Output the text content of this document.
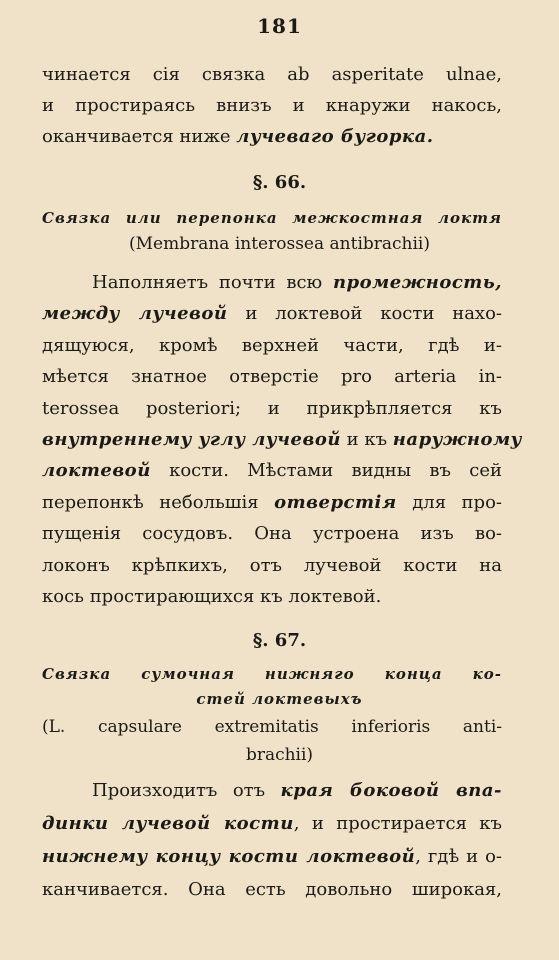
181
чинается сія связка ab asperitate ulnae,
и простираясь внизъ и кнаружи накось,
оканчивается ниже лучеваго бугорка.
§. 66.
Связка или перепонка межкостная локтя
(Membrana interossea antibrachii)
Наполняетъ почти всю промежность,
между лучевой и локтевой кости нахо-
дящуюся, кромѣ верхней части, гдѣ и-
мѣется знатное отверстіе pro arteria in-
terossea posteriori; и прикрѣпляется къ
внутреннему углу лучевой и къ наружному
локтевой кости. Мѣстами видны въ сей
перепонкѣ небольшія отверстія для про-
пущенія сосудовъ. Она устроена изъ во-
локонъ крѣпкихъ, отъ лучевой кости на
кось простирающихся къ локтевой.
§. 67.
Связка сумочная нижняго конца ко-
стей локтевыхъ
(L. capsulare extremitatis inferioris anti-
brachii)
Произходитъ отъ края боковой впа-
динки лучевой кости, и простирается къ
нижнему концу кости локтевой, гдѣ и о-
канчивается. Она есть довольно широкая,
